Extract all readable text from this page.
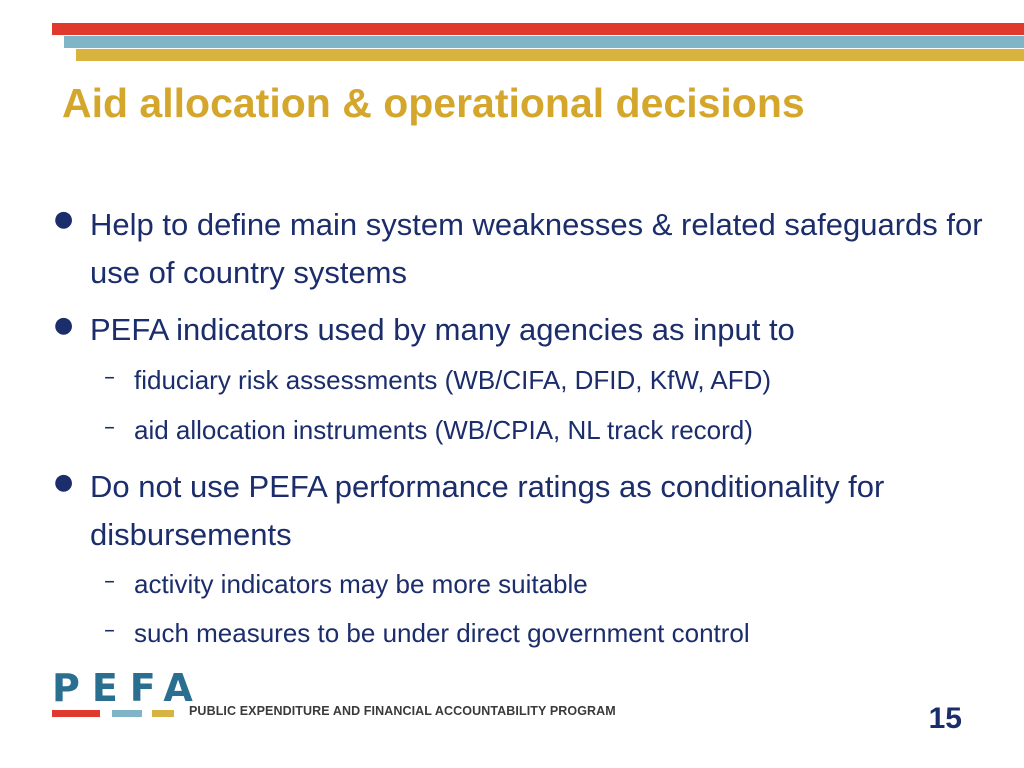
Aid allocation & operational decisions
● Help to define main system weaknesses & related safeguards for use of country systems
● PEFA indicators used by many agencies as input to
– fiduciary risk assessments (WB/CIFA, DFID, KfW, AFD)
– aid allocation instruments (WB/CPIA, NL track record)
● Do not use PEFA performance ratings as conditionality for disbursements
– activity indicators may be more suitable
– such measures to be under direct government control
PEFA
PUBLIC EXPENDITURE AND FINANCIAL ACCOUNTABILITY PROGRAM	15
